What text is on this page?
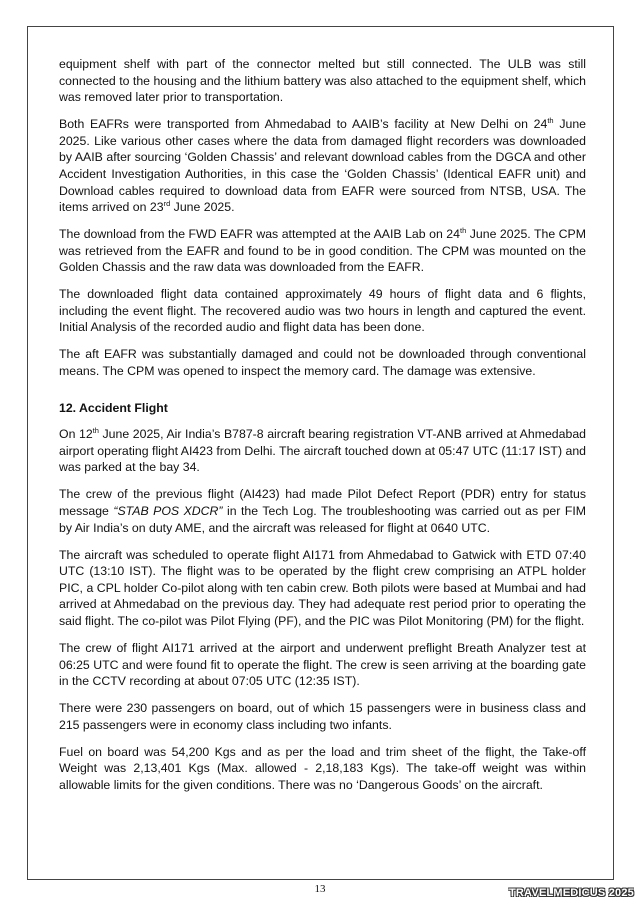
equipment shelf with part of the connector melted but still connected. The ULB was still connected to the housing and the lithium battery was also attached to the equipment shelf, which was removed later prior to transportation.

Both EAFRs were transported from Ahmedabad to AAIB’s facility at New Delhi on 24th June 2025. Like various other cases where the data from damaged flight recorders was downloaded by AAIB after sourcing ‘Golden Chassis’ and relevant download cables from the DGCA and other Accident Investigation Authorities, in this case the ‘Golden Chassis’ (Identical EAFR unit) and Download cables required to download data from EAFR were sourced from NTSB, USA. The items arrived on 23rd June 2025.

The download from the FWD EAFR was attempted at the AAIB Lab on 24th June 2025. The CPM was retrieved from the EAFR and found to be in good condition. The CPM was mounted on the Golden Chassis and the raw data was downloaded from the EAFR.

The downloaded flight data contained approximately 49 hours of flight data and 6 flights, including the event flight. The recovered audio was two hours in length and captured the event. Initial Analysis of the recorded audio and flight data has been done.

The aft EAFR was substantially damaged and could not be downloaded through conventional means. The CPM was opened to inspect the memory card. The damage was extensive.

12. Accident Flight

On 12th June 2025, Air India’s B787-8 aircraft bearing registration VT-ANB arrived at Ahmedabad airport operating flight AI423 from Delhi. The aircraft touched down at 05:47 UTC (11:17 IST) and was parked at the bay 34.

The crew of the previous flight (AI423) had made Pilot Defect Report (PDR) entry for status message “STAB POS XDCR” in the Tech Log. The troubleshooting was carried out as per FIM by Air India’s on duty AME, and the aircraft was released for flight at 0640 UTC.

The aircraft was scheduled to operate flight AI171 from Ahmedabad to Gatwick with ETD 07:40 UTC (13:10 IST). The flight was to be operated by the flight crew comprising an ATPL holder PIC, a CPL holder Co-pilot along with ten cabin crew. Both pilots were based at Mumbai and had arrived at Ahmedabad on the previous day. They had adequate rest period prior to operating the said flight. The co-pilot was Pilot Flying (PF), and the PIC was Pilot Monitoring (PM) for the flight.

The crew of flight AI171 arrived at the airport and underwent preflight Breath Analyzer test at 06:25 UTC and were found fit to operate the flight. The crew is seen arriving at the boarding gate in the CCTV recording at about 07:05 UTC (12:35 IST).

There were 230 passengers on board, out of which 15 passengers were in business class and 215 passengers were in economy class including two infants.

Fuel on board was 54,200 Kgs and as per the load and trim sheet of the flight, the Take-off Weight was 2,13,401 Kgs (Max. allowed - 2,18,183 Kgs). The take-off weight was within allowable limits for the given conditions. There was no ‘Dangerous Goods’ on the aircraft.

13	TRAVELMEDICUS 2025
